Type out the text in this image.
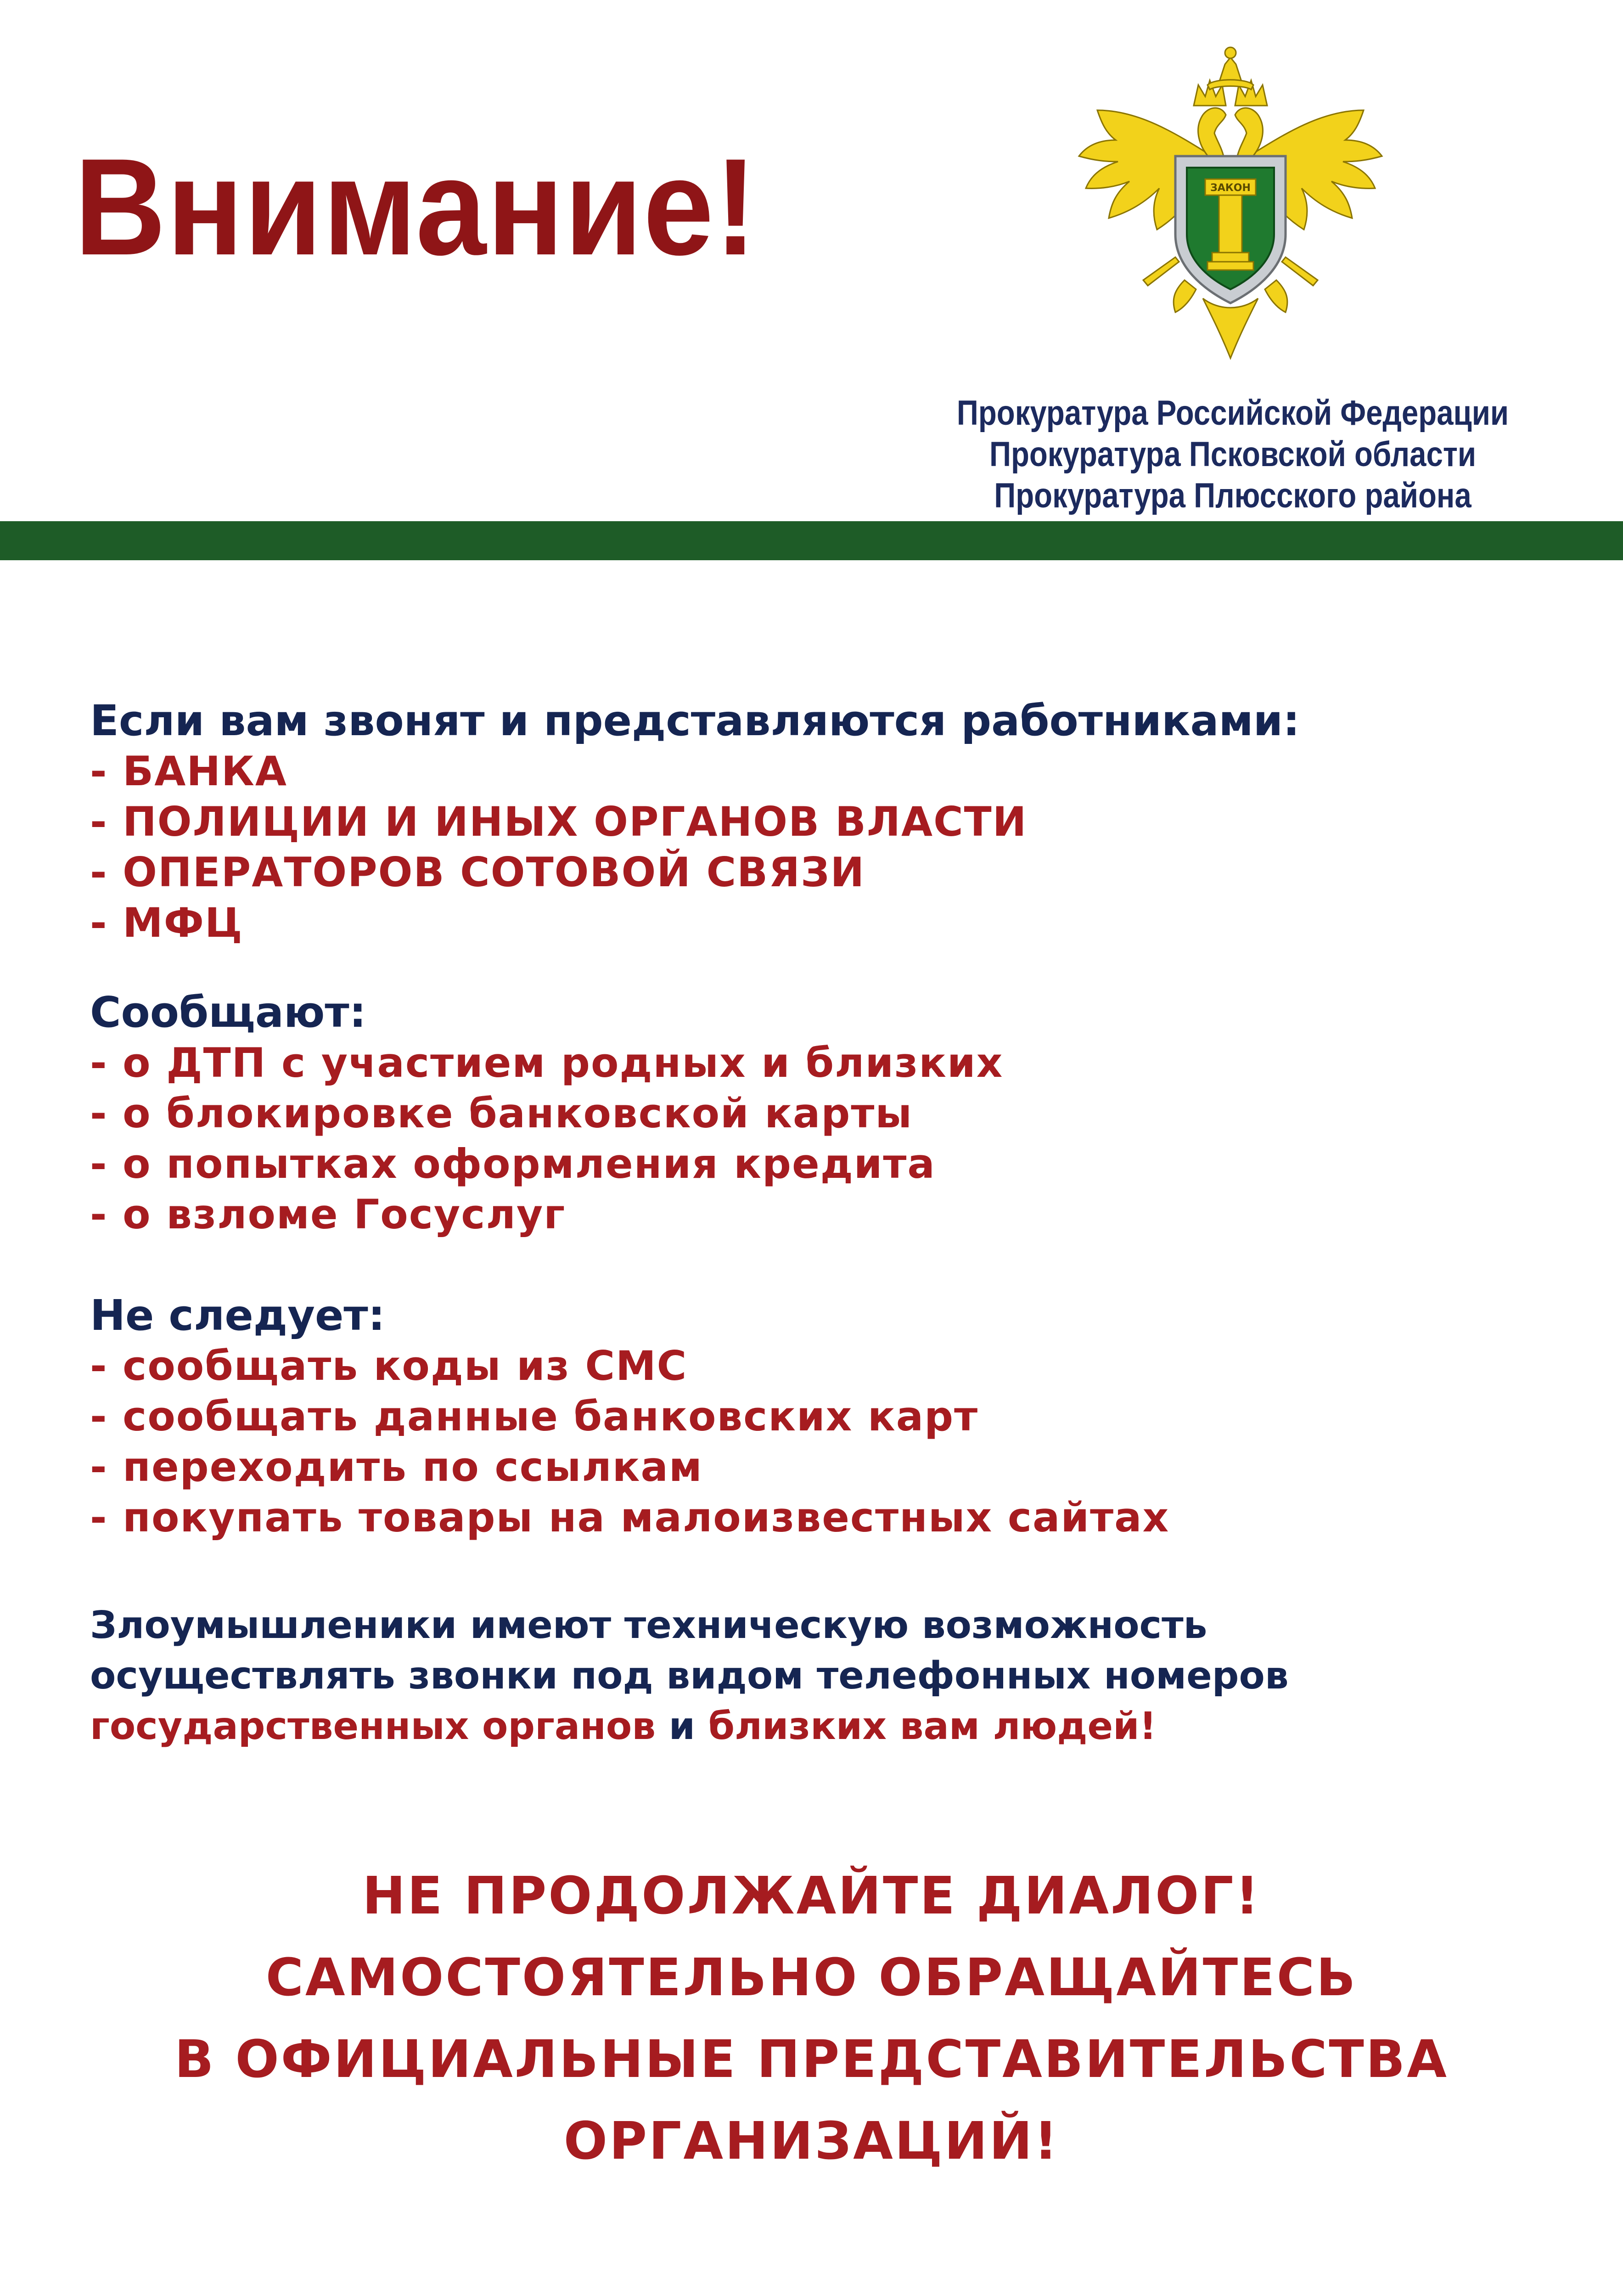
Внимание!	ЗАКОН
Прокуратура Российской Федерации
Прокуратура Псковской области
Прокуратура Плюсского района
Если вам звонят и представляются работниками:
- БАНКА
- ПОЛИЦИИ И ИНЫХ ОРГАНОВ ВЛАСТИ
- ОПЕРАТОРОВ СОТОВОЙ СВЯЗИ
- МФЦ
Сообщают:
- о ДТП с участием родных и близких
- о блокировке банковской карты
- о попытках оформления кредита
- о взломе Госуслуг
Не следует:
- сообщать коды из СМС
- сообщать данные банковских карт
- переходить по ссылкам
- покупать товары на малоизвестных сайтах
Злоумышленики имеют техническую возможность
осуществлять звонки под видом телефонных номеров
государственных органов и близких вам людей!
НЕ ПРОДОЛЖАЙТЕ ДИАЛОГ!
САМОСТОЯТЕЛЬНО ОБРАЩАЙТЕСЬ
В ОФИЦИАЛЬНЫЕ ПРЕДСТАВИТЕЛЬСТВА
ОРГАНИЗАЦИЙ!
